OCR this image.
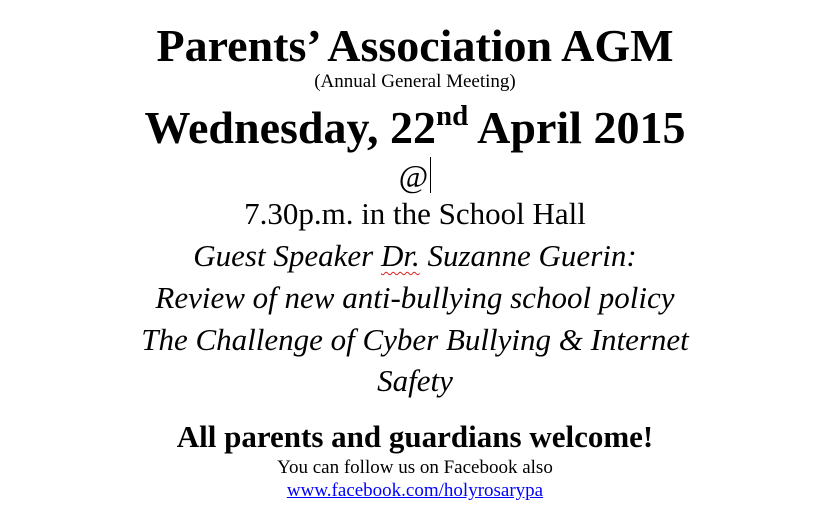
Parents’ Association AGM
(Annual General Meeting)
Wednesday, 22nd April 2015
@
7.30p.m. in the School Hall
Guest Speaker Dr. Suzanne Guerin:
Review of new anti-bullying school policy
The Challenge of Cyber Bullying & Internet
Safety
All parents and guardians welcome!
You can follow us on Facebook also
www.facebook.com/holyrosarypa
